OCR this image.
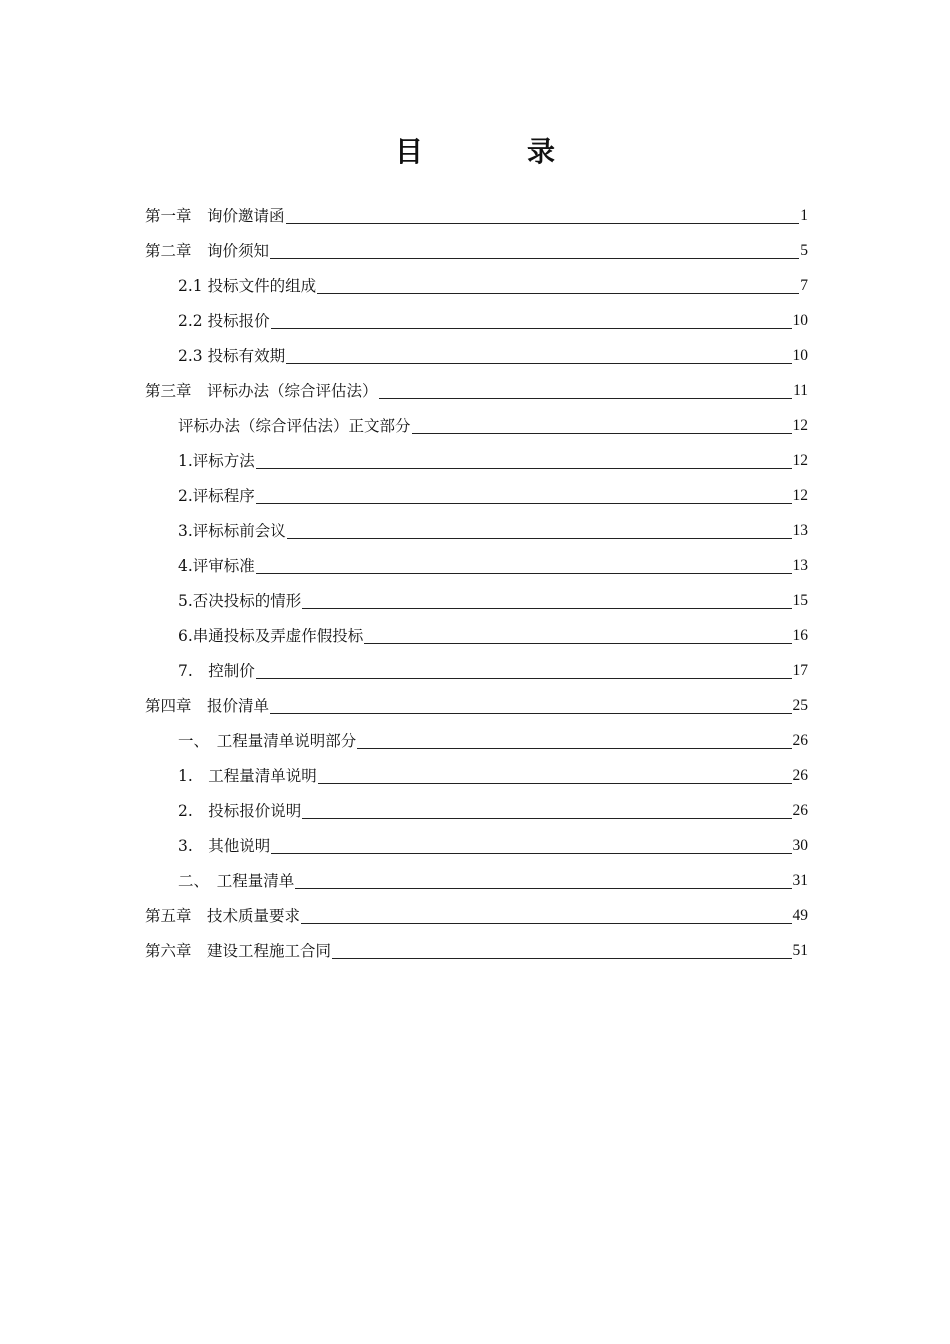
目　录
第一章　询价邀请函	1
第二章　询价须知	5
2.1 投标文件的组成	7
2.2 投标报价	10
2.3 投标有效期	10
第三章　评标办法（综合评估法）	11
评标办法（综合评估法）正文部分	12
1.评标方法	12
2.评标程序	12
3.评标标前会议	13
4.评审标准	13
5.否决投标的情形	15
6.串通投标及弄虚作假投标	16
7.　控制价	17
第四章　报价清单	25
一、　工程量清单说明部分	26
1.　工程量清单说明	26
2.　投标报价说明	26
3.　其他说明	30
二、　工程量清单	31
第五章　技术质量要求	49
第六章　建设工程施工合同	51
